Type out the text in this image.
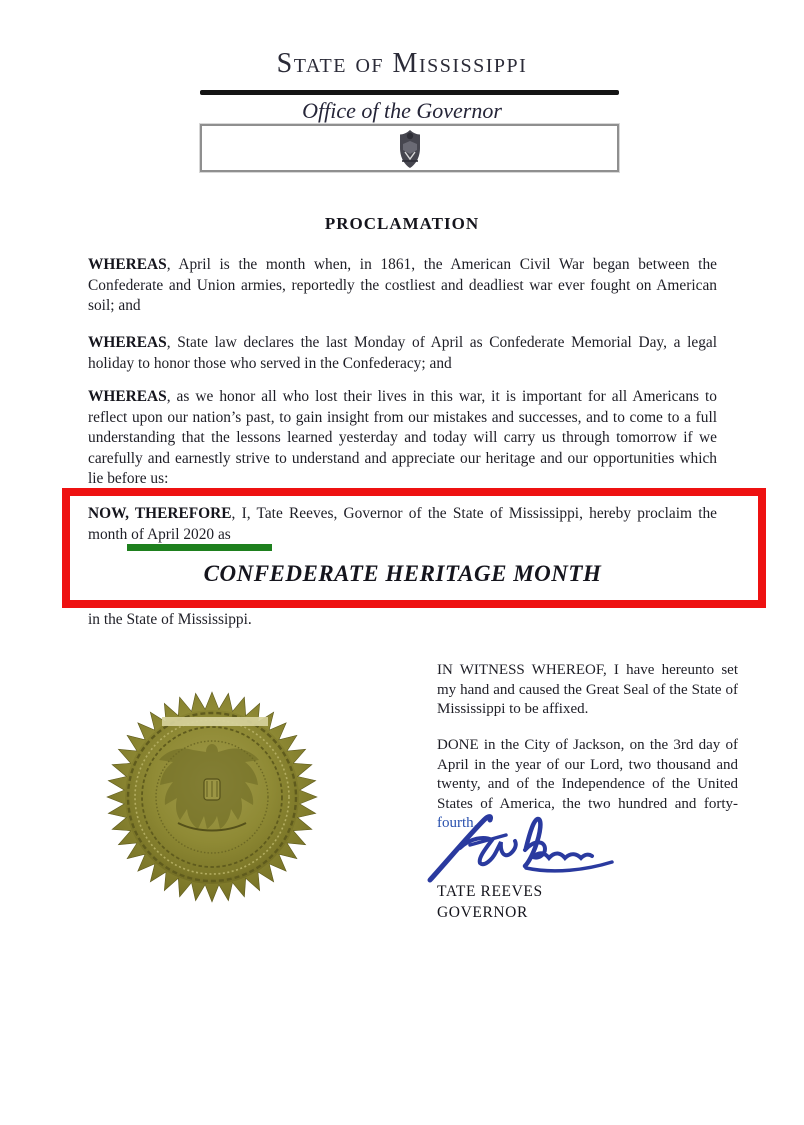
State of Mississippi
Office of the Governor
PROCLAMATION

WHEREAS, April is the month when, in 1861, the American Civil War began between the Confederate and Union armies, reportedly the costliest and deadliest war ever fought on American soil; and

WHEREAS, State law declares the last Monday of April as Confederate Memorial Day, a legal holiday to honor those who served in the Confederacy; and

WHEREAS, as we honor all who lost their lives in this war, it is important for all Americans to reflect upon our nation’s past, to gain insight from our mistakes and successes, and to come to a full understanding that the lessons learned yesterday and today will carry us through tomorrow if we carefully and earnestly strive to understand and appreciate our heritage and our opportunities which lie before us:

NOW, THEREFORE, I, Tate Reeves, Governor of the State of Mississippi, hereby proclaim the month of April 2020 as

CONFEDERATE HERITAGE MONTH

in the State of Mississippi.

IN WITNESS WHEREOF, I have hereunto set my hand and caused the Great Seal of the State of Mississippi to be affixed.

DONE in the City of Jackson, on the 3rd day of April in the year of our Lord, two thousand and twenty, and of the Independence of the United States of America, the two hundred and forty-fourth.

TATE REEVES
GOVERNOR
